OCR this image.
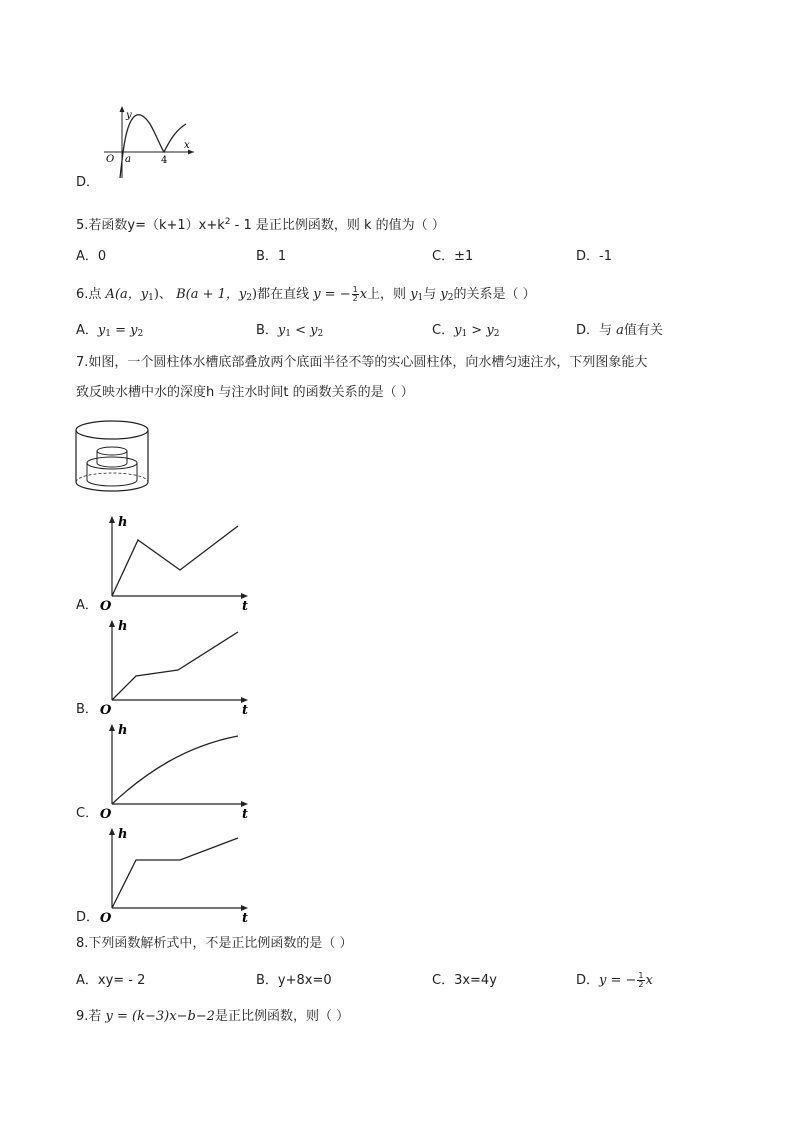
y
x
O a	4
D．
5.若函数$y=(k+1)x+k^2 - 1$ 是正比例函数，则 k 的值为（ ）
A．0	B．1	C．±1	D．-1
6.点 A(a，$y_1$)、 B(a + 1，$y_2$)都在直线 y = − $\frac{1}{2}$ x上，则 $y_1$与 $y_2$的关系是（ ）
A．$y_1 = y_2$	B．$y_1 < y_2$	C．$y_1 > y_2$	D．与 a值有关
7.如图，一个圆柱体水槽底部叠放两个底面半径不等的实心圆柱体，向水槽匀速注水，下列图象能大
致反映水槽中水的深度h 与注水时间t 的函数关系的是（ ）
h
t
O
A．
h
t
O
B．
h
t
O
C．
h
t
O
D．
8.下列函数解析式中，不是正比例函数的是（ ）
A．xy= - 2	B．y+8x=0	C．3x=4y	D．y = − $\frac{1}{2}$ x
9.若 y = (k−3)x−b−2是正比例函数，则（ ）
